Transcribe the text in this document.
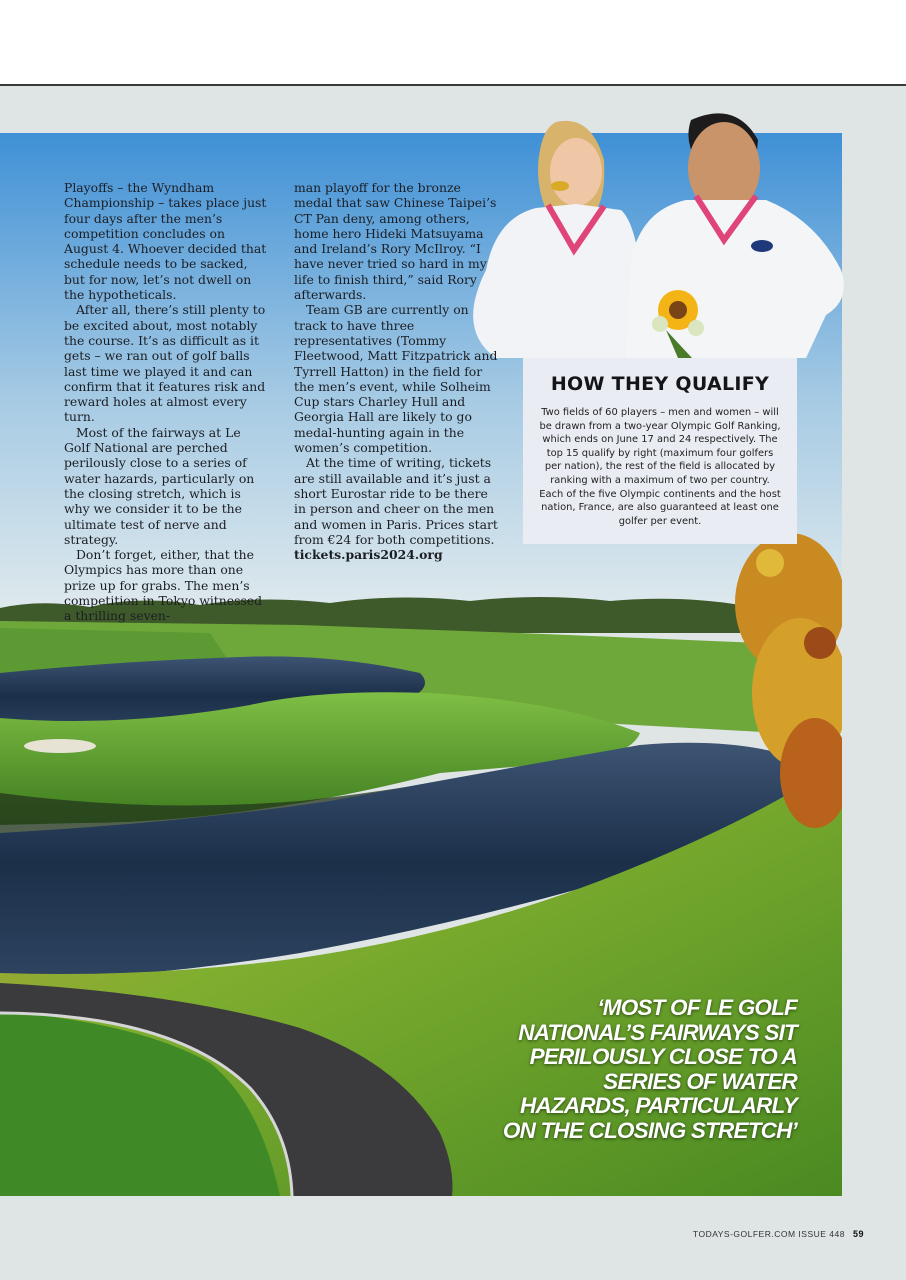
Playoffs – the Wyndham Championship – takes place just four days after the men’s competition concludes on August 4. Whoever decided that schedule needs to be sacked, but for now, let’s not dwell on the hypotheticals.

After all, there’s still plenty to be excited about, most notably the course. It’s as difficult as it gets – we ran out of golf balls last time we played it and can confirm that it features risk and reward holes at almost every turn.

Most of the fairways at Le Golf National are perched perilously close to a series of water hazards, particularly on the closing stretch, which is why we consider it to be the ultimate test of nerve and strategy.

Don’t forget, either, that the Olympics has more than one prize up for grabs. The men’s competition in Tokyo witnessed a thrilling seven-

man playoff for the bronze medal that saw Chinese Taipei’s CT Pan deny, among others, home hero Hideki Matsuyama and Ireland’s Rory McIlroy. “I have never tried so hard in my life to finish third,” said Rory afterwards.

Team GB are currently on track to have three representatives (Tommy Fleetwood, Matt Fitzpatrick and Tyrrell Hatton) in the field for the men’s event, while Solheim Cup stars Charley Hull and Georgia Hall are likely to go medal-hunting again in the women’s competition.

At the time of writing, tickets are still available and it’s just a short Eurostar ride to be there in person and cheer on the men and women in Paris. Prices start from €24 for both competitions.

tickets.paris2024.org
HOW THEY QUALIFY

Two fields of 60 players – men and women – will be drawn from a two-year Olympic Golf Ranking, which ends on June 17 and 24 respectively. The top 15 qualify by right (maximum four golfers per nation), the rest of the field is allocated by ranking with a maximum of two per country. Each of the five Olympic continents and the host nation, France, are also guaranteed at least one golfer per event.

‘MOST OF LE GOLF NATIONAL’S FAIRWAYS SIT PERILOUSLY CLOSE TO A SERIES OF WATER HAZARDS, PARTICULARLY ON THE CLOSING STRETCH’
TODAYS-GOLFER.COM ISSUE 448 59
